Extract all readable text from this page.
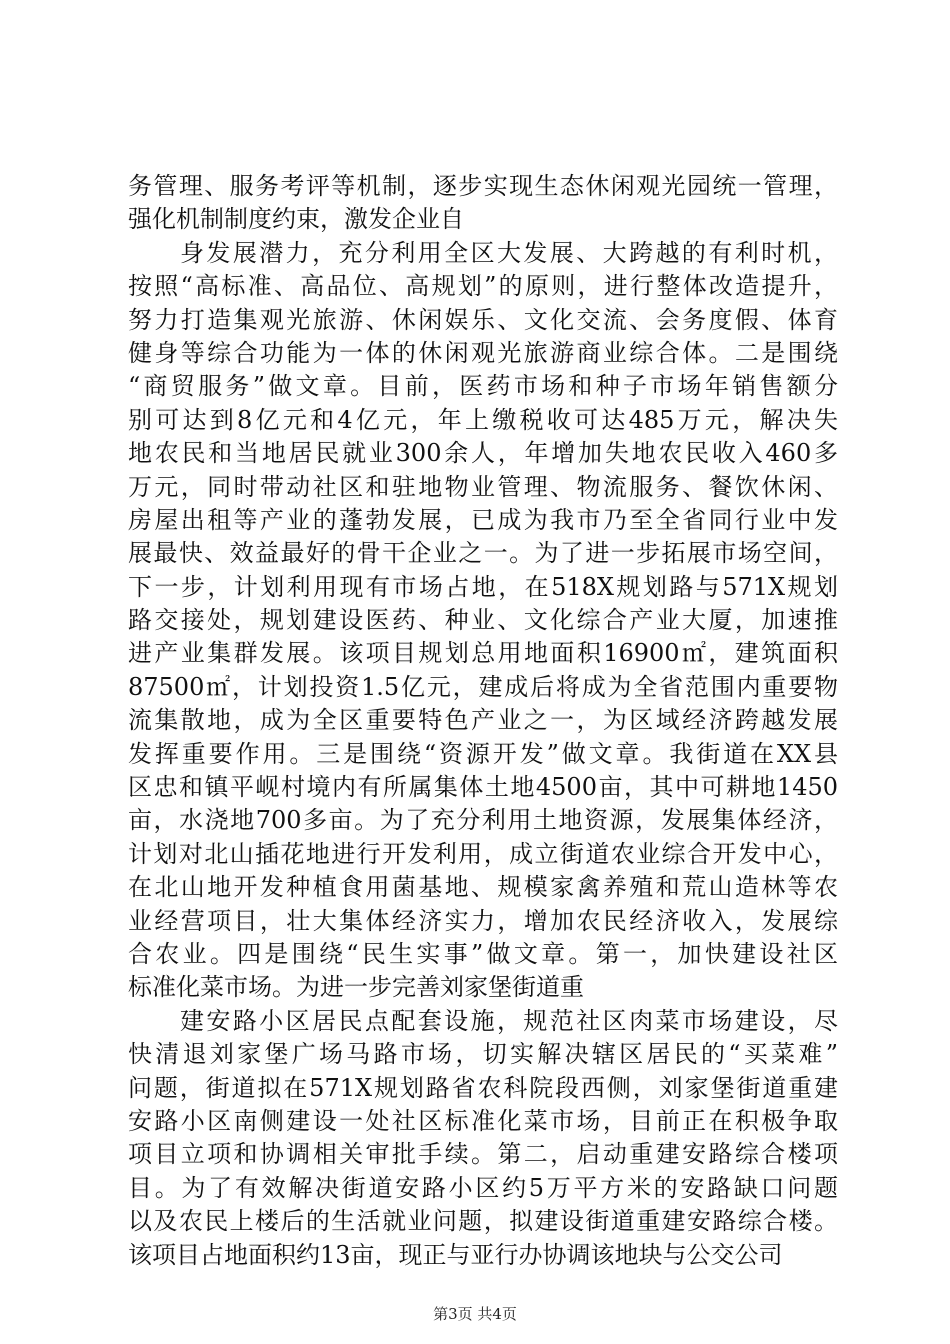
务管理、服务考评等机制，逐步实现生态休闲观光园统一管理，
强化机制制度约束，激发企业自
身发展潜力，充分利用全区大发展、大跨越的有利时机，
按照“高标准、高品位、高规划”的原则，进行整体改造提升，
努力打造集观光旅游、休闲娱乐、文化交流、会务度假、体育
健身等综合功能为一体的休闲观光旅游商业综合体。二是围绕
“商贸服务”做文章。目前，医药市场和种子市场年销售额分
别可达到8亿元和4亿元，年上缴税收可达485万元，解决失
地农民和当地居民就业300余人，年增加失地农民收入460多
万元，同时带动社区和驻地物业管理、物流服务、餐饮休闲、
房屋出租等产业的蓬勃发展，已成为我市乃至全省同行业中发
展最快、效益最好的骨干企业之一。为了进一步拓展市场空间，
下一步，计划利用现有市场占地，在518X规划路与571X规划
路交接处，规划建设医药、种业、文化综合产业大厦，加速推
进产业集群发展。该项目规划总用地面积16900㎡，建筑面积
87500㎡，计划投资1.5亿元，建成后将成为全省范围内重要物
流集散地，成为全区重要特色产业之一，为区域经济跨越发展
发挥重要作用。三是围绕“资源开发”做文章。我街道在XX县
区忠和镇平岘村境内有所属集体土地4500亩，其中可耕地1450
亩，水浇地700多亩。为了充分利用土地资源，发展集体经济，
计划对北山插花地进行开发利用，成立街道农业综合开发中心，
在北山地开发种植食用菌基地、规模家禽养殖和荒山造林等农
业经营项目，壮大集体经济实力，增加农民经济收入，发展综
合农业。四是围绕“民生实事”做文章。第一，加快建设社区
标准化菜市场。为进一步完善刘家堡街道重
建安路小区居民点配套设施，规范社区肉菜市场建设，尽
快清退刘家堡广场马路市场，切实解决辖区居民的“买菜难”
问题，街道拟在571X规划路省农科院段西侧，刘家堡街道重建
安路小区南侧建设一处社区标准化菜市场，目前正在积极争取
项目立项和协调相关审批手续。第二，启动重建安路综合楼项
目。为了有效解决街道安路小区约5万平方米的安路缺口问题
以及农民上楼后的生活就业问题，拟建设街道重建安路综合楼。
该项目占地面积约13亩，现正与亚行办协调该地块与公交公司
第3页 共4页
